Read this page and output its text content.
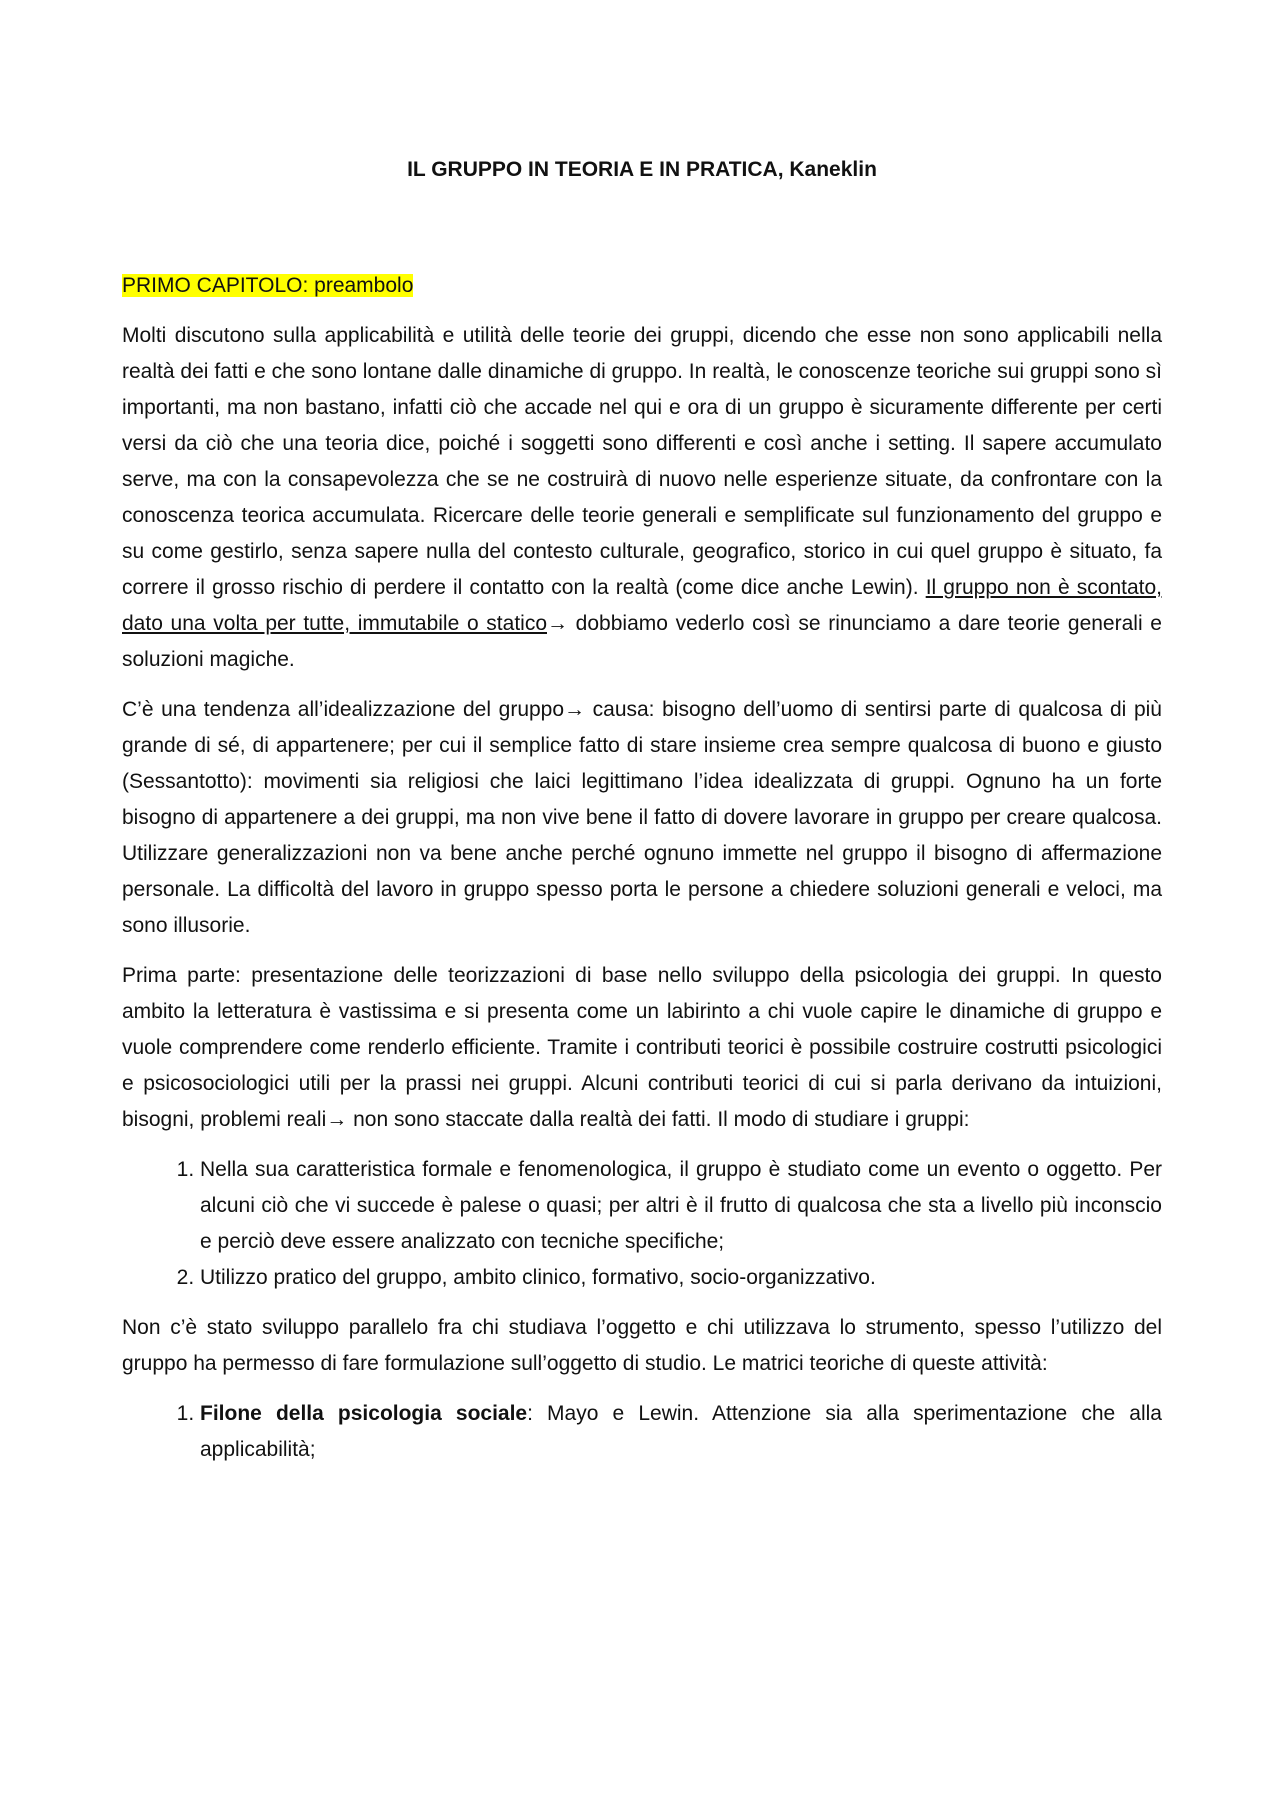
IL GRUPPO IN TEORIA E IN PRATICA, Kaneklin
PRIMO CAPITOLO: preambolo

Molti discutono sulla applicabilità e utilità delle teorie dei gruppi, dicendo che esse non sono applicabili nella realtà dei fatti e che sono lontane dalle dinamiche di gruppo. In realtà, le conoscenze teoriche sui gruppi sono sì importanti, ma non bastano, infatti ciò che accade nel qui e ora di un gruppo è sicuramente differente per certi versi da ciò che una teoria dice, poiché i soggetti sono differenti e così anche i setting. Il sapere accumulato serve, ma con la consapevolezza che se ne costruirà di nuovo nelle esperienze situate, da confrontare con la conoscenza teorica accumulata. Ricercare delle teorie generali e semplificate sul funzionamento del gruppo e su come gestirlo, senza sapere nulla del contesto culturale, geografico, storico in cui quel gruppo è situato, fa correre il grosso rischio di perdere il contatto con la realtà (come dice anche Lewin). Il gruppo non è scontato, dato una volta per tutte, immutabile o statico→ dobbiamo vederlo così se rinunciamo a dare teorie generali e soluzioni magiche.

C’è una tendenza all’idealizzazione del gruppo→ causa: bisogno dell’uomo di sentirsi parte di qualcosa di più grande di sé, di appartenere; per cui il semplice fatto di stare insieme crea sempre qualcosa di buono e giusto (Sessantotto): movimenti sia religiosi che laici legittimano l’idea idealizzata di gruppi. Ognuno ha un forte bisogno di appartenere a dei gruppi, ma non vive bene il fatto di dovere lavorare in gruppo per creare qualcosa. Utilizzare generalizzazioni non va bene anche perché ognuno immette nel gruppo il bisogno di affermazione personale. La difficoltà del lavoro in gruppo spesso porta le persone a chiedere soluzioni generali e veloci, ma sono illusorie.

Prima parte: presentazione delle teorizzazioni di base nello sviluppo della psicologia dei gruppi. In questo ambito la letteratura è vastissima e si presenta come un labirinto a chi vuole capire le dinamiche di gruppo e vuole comprendere come renderlo efficiente. Tramite i contributi teorici è possibile costruire costrutti psicologici e psicosociologici utili per la prassi nei gruppi. Alcuni contributi teorici di cui si parla derivano da intuizioni, bisogni, problemi reali→ non sono staccate dalla realtà dei fatti. Il modo di studiare i gruppi:

1. Nella sua caratteristica formale e fenomenologica, il gruppo è studiato come un evento o oggetto. Per alcuni ciò che vi succede è palese o quasi; per altri è il frutto di qualcosa che sta a livello più inconscio e perciò deve essere analizzato con tecniche specifiche;
2. Utilizzo pratico del gruppo, ambito clinico, formativo, socio-organizzativo.

Non c’è stato sviluppo parallelo fra chi studiava l’oggetto e chi utilizzava lo strumento, spesso l’utilizzo del gruppo ha permesso di fare formulazione sull’oggetto di studio. Le matrici teoriche di queste attività:

1. Filone della psicologia sociale: Mayo e Lewin. Attenzione sia alla sperimentazione che alla applicabilità;
